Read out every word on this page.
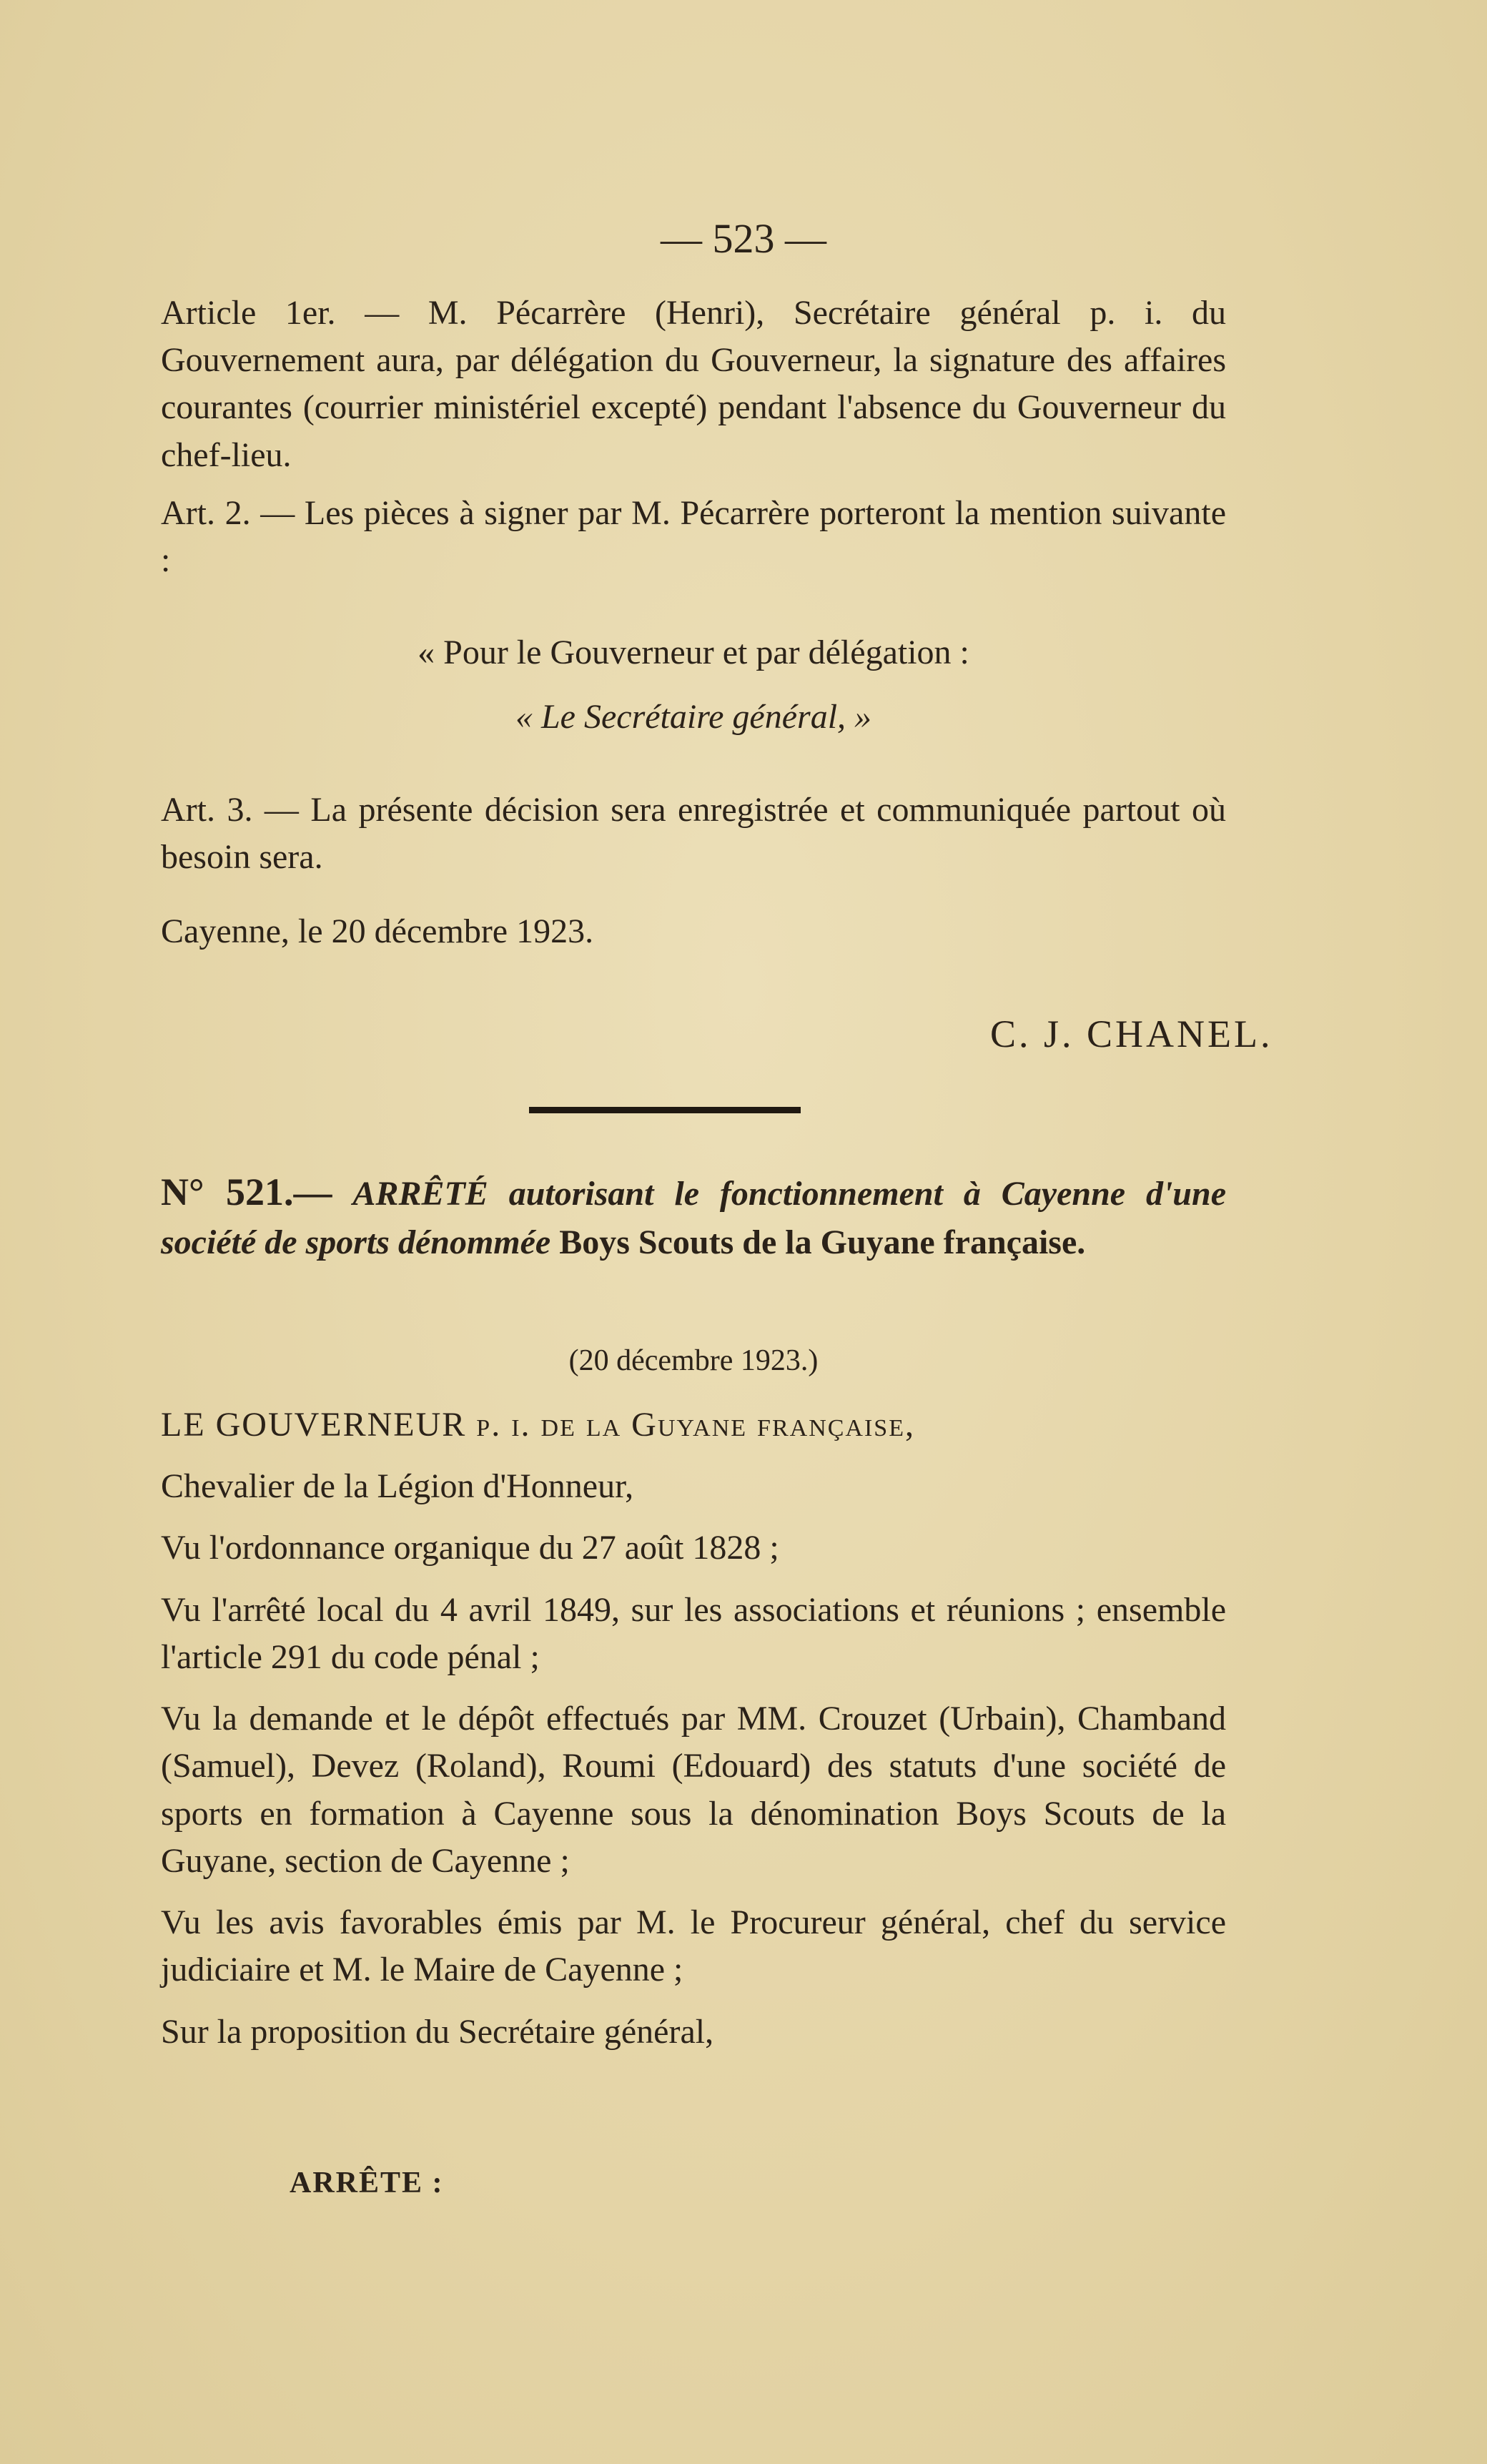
— 523 —
Article 1er. — M. Pécarrère (Henri), Secrétaire général p. i. du Gouvernement aura, par délégation du Gouverneur, la signature des affaires courantes (courrier ministériel excepté) pendant l'absence du Gouverneur du chef-lieu.
Art. 2. — Les pièces à signer par M. Pécarrère porteront la mention suivante :
« Pour le Gouverneur et par délégation :
« Le Secrétaire général, »
Art. 3. — La présente décision sera enregistrée et communiquée partout où besoin sera.
Cayenne, le 20 décembre 1923.
C. J. CHANEL.
N° 521.— ARRÊTÉ autorisant le fonctionnement à Cayenne d'une société de sports dénommée Boys Scouts de la Guyane française.
(20 décembre 1923.)
LE GOUVERNEUR p. i. de la Guyane française,
Chevalier de la Légion d'Honneur,
Vu l'ordonnance organique du 27 août 1828 ;
Vu l'arrêté local du 4 avril 1849, sur les associations et réunions ; ensemble l'article 291 du code pénal ;
Vu la demande et le dépôt effectués par MM. Crouzet (Urbain), Chamband (Samuel), Devez (Roland), Roumi (Edouard) des statuts d'une société de sports en formation à Cayenne sous la dénomination Boys Scouts de la Guyane, section de Cayenne ;
Vu les avis favorables émis par M. le Procureur général, chef du service judiciaire et M. le Maire de Cayenne ;
Sur la proposition du Secrétaire général,
ARRÊTE :
